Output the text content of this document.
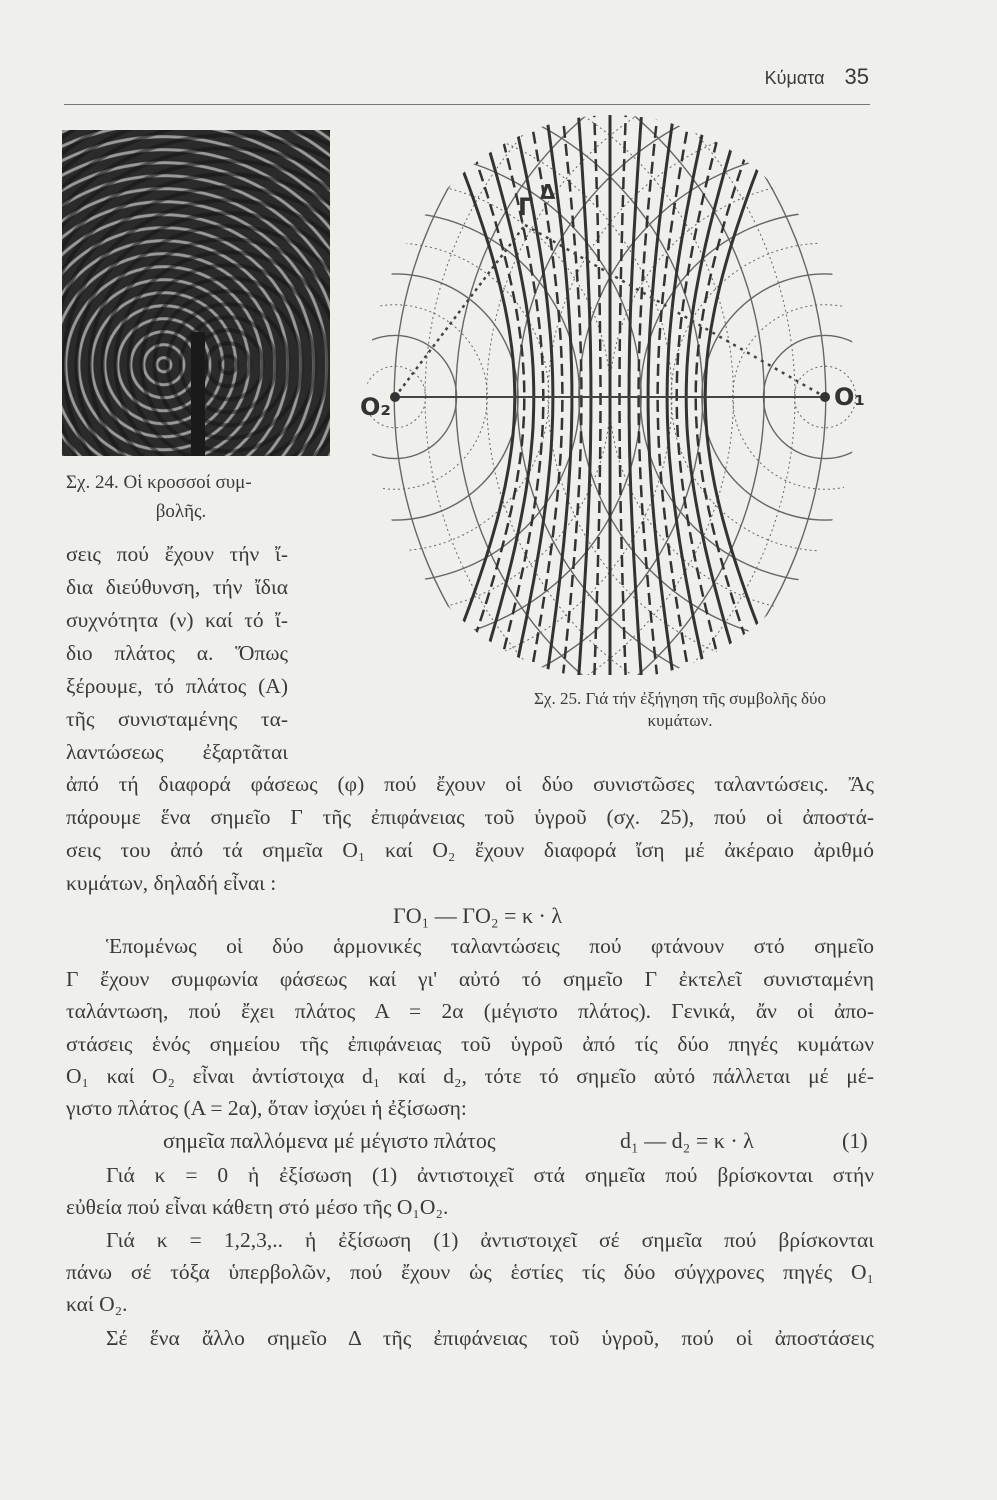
Κύματα 35
Σχ. 24. Οἱ κροσσοί συμ-
βολῆς.
Γ
Δ
O₂	O₁
Σχ. 25. Γιά τήν ἐξήγηση τῆς συμβολῆς δύο
κυμάτων.
σεις πού ἔχουν τήν ἴ-
δια διεύθυνση, τήν ἴδια
συχνότητα (ν) καί τό ἴ-
διο πλάτος α. Ὅπως
ξέρουμε, τό πλάτος (Α)
τῆς συνισταμένης τα-
λαντώσεως ἐξαρτᾶται
ἀπό τή διαφορά φάσεως (φ) πού ἔχουν οἱ δύο συνιστῶσες ταλαντώσεις. Ἄς
πάρουμε ἕνα σημεῖο Γ τῆς ἐπιφάνειας τοῦ ὑγροῦ (σχ. 25), πού οἱ ἀποστά-
σεις του ἀπό τά σημεῖα O₁ καί O₂ ἔχουν διαφορά ἴση μέ ἀκέραιο ἀριθμό
κυμάτων, δηλαδή εἶναι :
ΓO₁ — ΓO₂ = κ · λ
Ἑπομένως οἱ δύο ἁρμονικές ταλαντώσεις πού φτάνουν στό σημεῖο
Γ ἔχουν συμφωνία φάσεως καί γι' αὐτό τό σημεῖο Γ ἐκτελεῖ συνισταμένη
ταλάντωση, πού ἔχει πλάτος Α = 2α (μέγιστο πλάτος). Γενικά, ἄν οἱ ἀπο-
στάσεις ἑνός σημείου τῆς ἐπιφάνειας τοῦ ὑγροῦ ἀπό τίς δύο πηγές κυμάτων
O₁ καί O₂ εἶναι ἀντίστοιχα d₁ καί d₂, τότε τό σημεῖο αὐτό πάλλεται μέ μέ-
γιστο πλάτος (Α = 2α), ὅταν ἰσχύει ἡ ἐξίσωση:
σημεῖα παλλόμενα μέ μέγιστο πλάτος	d₁ — d₂ = κ · λ	(1)
Γιά κ = 0 ἡ ἐξίσωση (1) ἀντιστοιχεῖ στά σημεῖα πού βρίσκονται στήν
εὐθεία πού εἶναι κάθετη στό μέσο τῆς O₁O₂.
Γιά κ = 1,2,3,.. ἡ ἐξίσωση (1) ἀντιστοιχεῖ σέ σημεῖα πού βρίσκονται
πάνω σέ τόξα ὑπερβολῶν, πού ἔχουν ὡς ἑστίες τίς δύο σύγχρονες πηγές O₁
καί O₂.
Σέ ἕνα ἄλλο σημεῖο Δ τῆς ἐπιφάνειας τοῦ ὑγροῦ, πού οἱ ἀποστάσεις
